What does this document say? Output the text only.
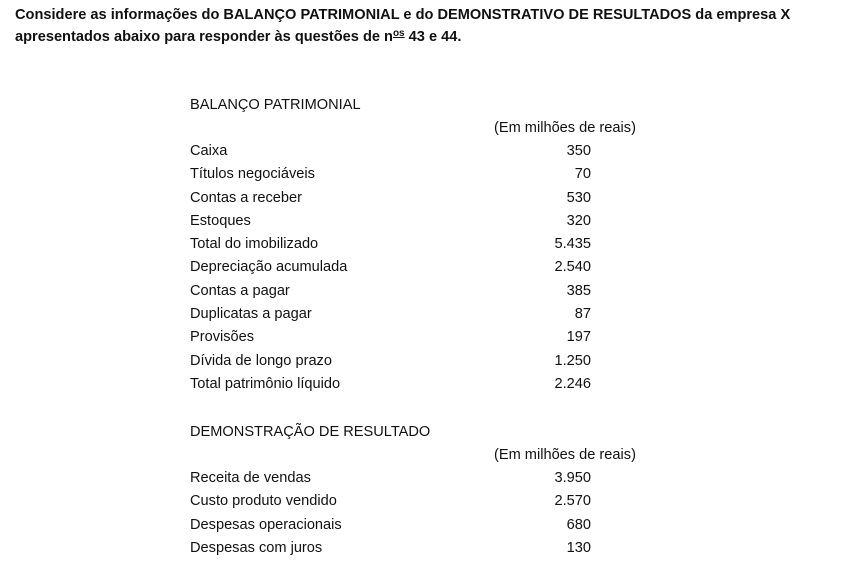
Considere as informações do BALANÇO PATRIMONIAL e do DEMONSTRATIVO DE RESULTADOS da empresa X apresentados abaixo para responder às questões de $n^{os}$ 43 e 44.

BALANÇO PATRIMONIAL
(Em milhões de reais)
Caixa	350
Títulos negociáveis	70
Contas a receber	530
Estoques	320
Total do imobilizado	5.435
Depreciação acumulada	2.540
Contas a pagar	385
Duplicatas a pagar	87
Provisões	197
Dívida de longo prazo	1.250
Total patrimônio líquido	2.246
DEMONSTRAÇÃO DE RESULTADO
(Em milhões de reais)
Receita de vendas	3.950
Custo produto vendido	2.570
Despesas operacionais	680
Despesas com juros	130
